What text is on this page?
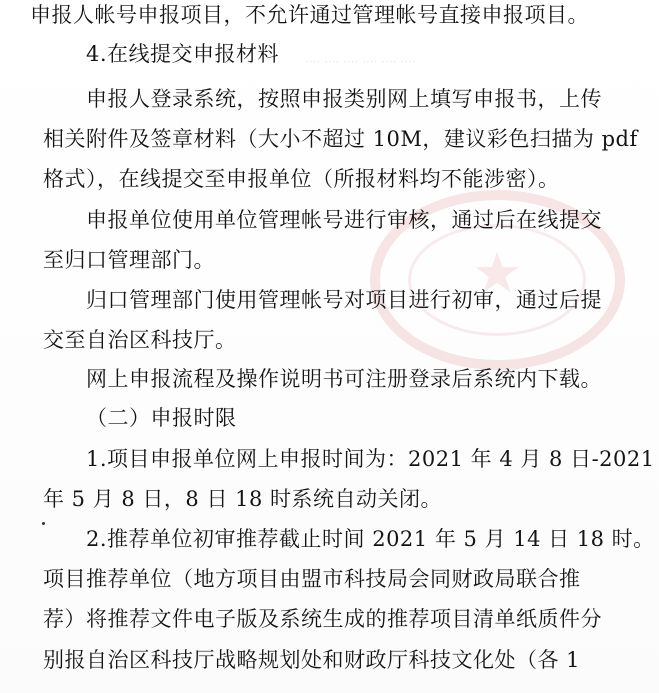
★
···· ···· ···· ···· ···· ····
申报人帐号申报项目，不允许通过管理帐号直接申报项目。
4.在线提交申报材料
申报人登录系统，按照申报类别网上填写申报书，上传
相关附件及签章材料（大小不超过 10M，建议彩色扫描为 pdf
格式），在线提交至申报单位（所报材料均不能涉密）。
申报单位使用单位管理帐号进行审核，通过后在线提交
至归口管理部门。
归口管理部门使用管理帐号对项目进行初审，通过后提
交至自治区科技厅。
网上申报流程及操作说明书可注册登录后系统内下载。
（二）申报时限
1.项目申报单位网上申报时间为：2021 年 4 月 8 日-2021
年 5 月 8 日，8 日 18 时系统自动关闭。
2.推荐单位初审推荐截止时间 2021 年 5 月 14 日 18 时。
项目推荐单位（地方项目由盟市科技局会同财政局联合推
荐）将推荐文件电子版及系统生成的推荐项目清单纸质件分
别报自治区科技厅战略规划处和财政厅科技文化处（各 1
